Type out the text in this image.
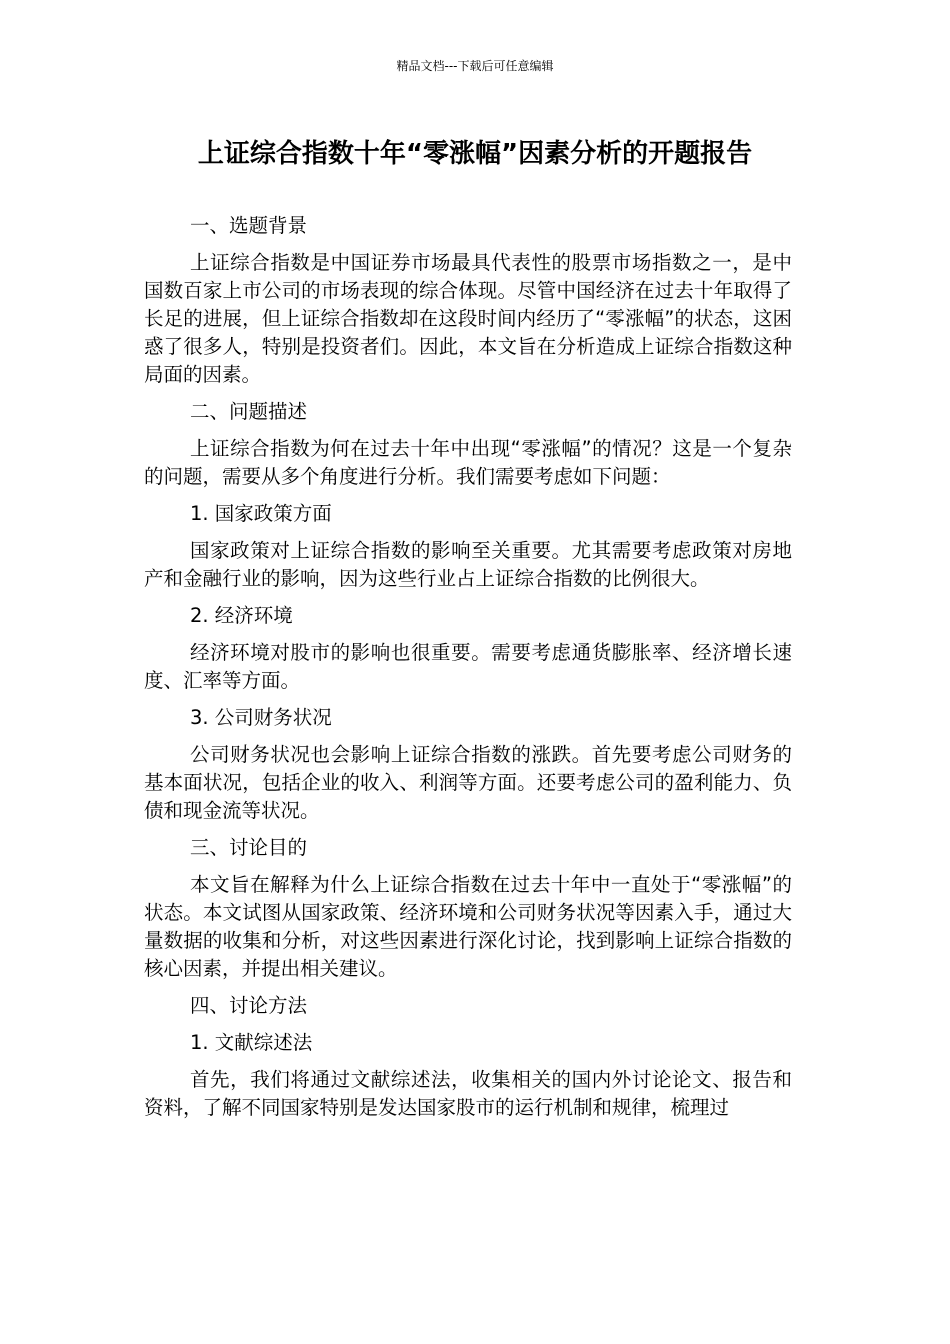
精品文档---下载后可任意编辑
上证综合指数十年“零涨幅”因素分析的开题报告

一、选题背景

上证综合指数是中国证券市场最具代表性的股票市场指数之一，是中国数百家上市公司的市场表现的综合体现。尽管中国经济在过去十年取得了长足的进展，但上证综合指数却在这段时间内经历了“零涨幅”的状态，这困惑了很多人，特别是投资者们。因此，本文旨在分析造成上证综合指数这种局面的因素。

二、问题描述

上证综合指数为何在过去十年中出现“零涨幅”的情况？这是一个复杂的问题，需要从多个角度进行分析。我们需要考虑如下问题：

1. 国家政策方面

国家政策对上证综合指数的影响至关重要。尤其需要考虑政策对房地产和金融行业的影响，因为这些行业占上证综合指数的比例很大。

2. 经济环境

经济环境对股市的影响也很重要。需要考虑通货膨胀率、经济增长速度、汇率等方面。

3. 公司财务状况

公司财务状况也会影响上证综合指数的涨跌。首先要考虑公司财务的基本面状况，包括企业的收入、利润等方面。还要考虑公司的盈利能力、负债和现金流等状况。

三、讨论目的

本文旨在解释为什么上证综合指数在过去十年中一直处于“零涨幅”的状态。本文试图从国家政策、经济环境和公司财务状况等因素入手，通过大量数据的收集和分析，对这些因素进行深化讨论，找到影响上证综合指数的核心因素，并提出相关建议。

四、讨论方法

1. 文献综述法

首先，我们将通过文献综述法，收集相关的国内外讨论论文、报告和资料，了解不同国家特别是发达国家股市的运行机制和规律，梳理过
